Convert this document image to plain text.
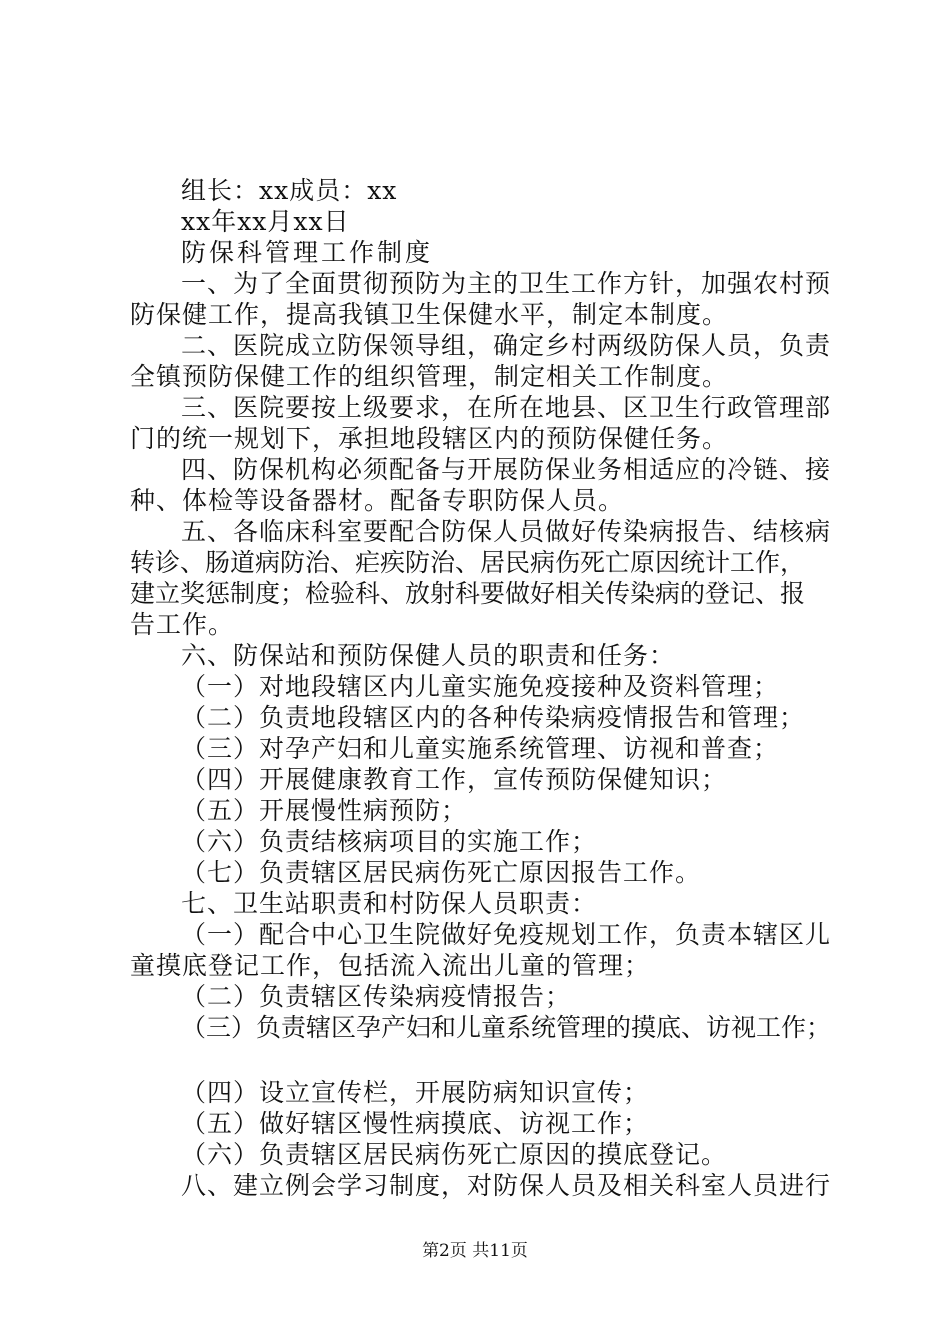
组长：xx成员：xx
xx年xx月xx日
防保科管理工作制度
一、为了全面贯彻预防为主的卫生工作方针，加强农村预
防保健工作，提高我镇卫生保健水平，制定本制度。
二、医院成立防保领导组，确定乡村两级防保人员，负责
全镇预防保健工作的组织管理，制定相关工作制度。
三、医院要按上级要求，在所在地县、区卫生行政管理部
门的统一规划下，承担地段辖区内的预防保健任务。
四、防保机构必须配备与开展防保业务相适应的冷链、接
种、体检等设备器材。配备专职防保人员。
五、各临床科室要配合防保人员做好传染病报告、结核病
转诊、肠道病防治、疟疾防治、居民病伤死亡原因统计工作，
建立奖惩制度；检验科、放射科要做好相关传染病的登记、报
告工作。
六、防保站和预防保健人员的职责和任务：
（一）对地段辖区内儿童实施免疫接种及资料管理；
（二）负责地段辖区内的各种传染病疫情报告和管理；
（三）对孕产妇和儿童实施系统管理、访视和普查；
（四）开展健康教育工作，宣传预防保健知识；
（五）开展慢性病预防；
（六）负责结核病项目的实施工作；
（七）负责辖区居民病伤死亡原因报告工作。
七、卫生站职责和村防保人员职责：
（一）配合中心卫生院做好免疫规划工作，负责本辖区儿
童摸底登记工作，包括流入流出儿童的管理；
（二）负责辖区传染病疫情报告；
（三）负责辖区孕产妇和儿童系统管理的摸底、访视工作；
（四）设立宣传栏，开展防病知识宣传；
（五）做好辖区慢性病摸底、访视工作；
（六）负责辖区居民病伤死亡原因的摸底登记。
八、建立例会学习制度，对防保人员及相关科室人员进行
第2页 共11页
